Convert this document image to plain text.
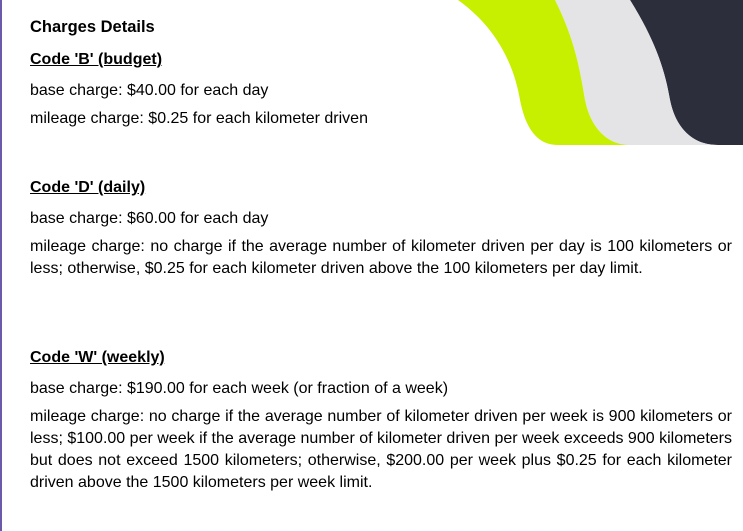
Charges Details
Code 'B' (budget)
base charge: $40.00 for each day
mileage charge: $0.25 for each kilometer driven
Code 'D' (daily)
base charge: $60.00 for each day
mileage charge: no charge if the average number of kilometer driven per day is 100 kilometers or less; otherwise, $0.25 for each kilometer driven above the 100 kilometers per day limit.
Code 'W' (weekly)
base charge: $190.00 for each week (or fraction of a week)
mileage charge: no charge if the average number of kilometer driven per week is 900 kilometers or less; $100.00 per week if the average number of kilometer driven per week exceeds 900 kilometers but does not exceed 1500 kilometers; otherwise, $200.00 per week plus $0.25 for each kilometer driven above the 1500 kilometers per week limit.
